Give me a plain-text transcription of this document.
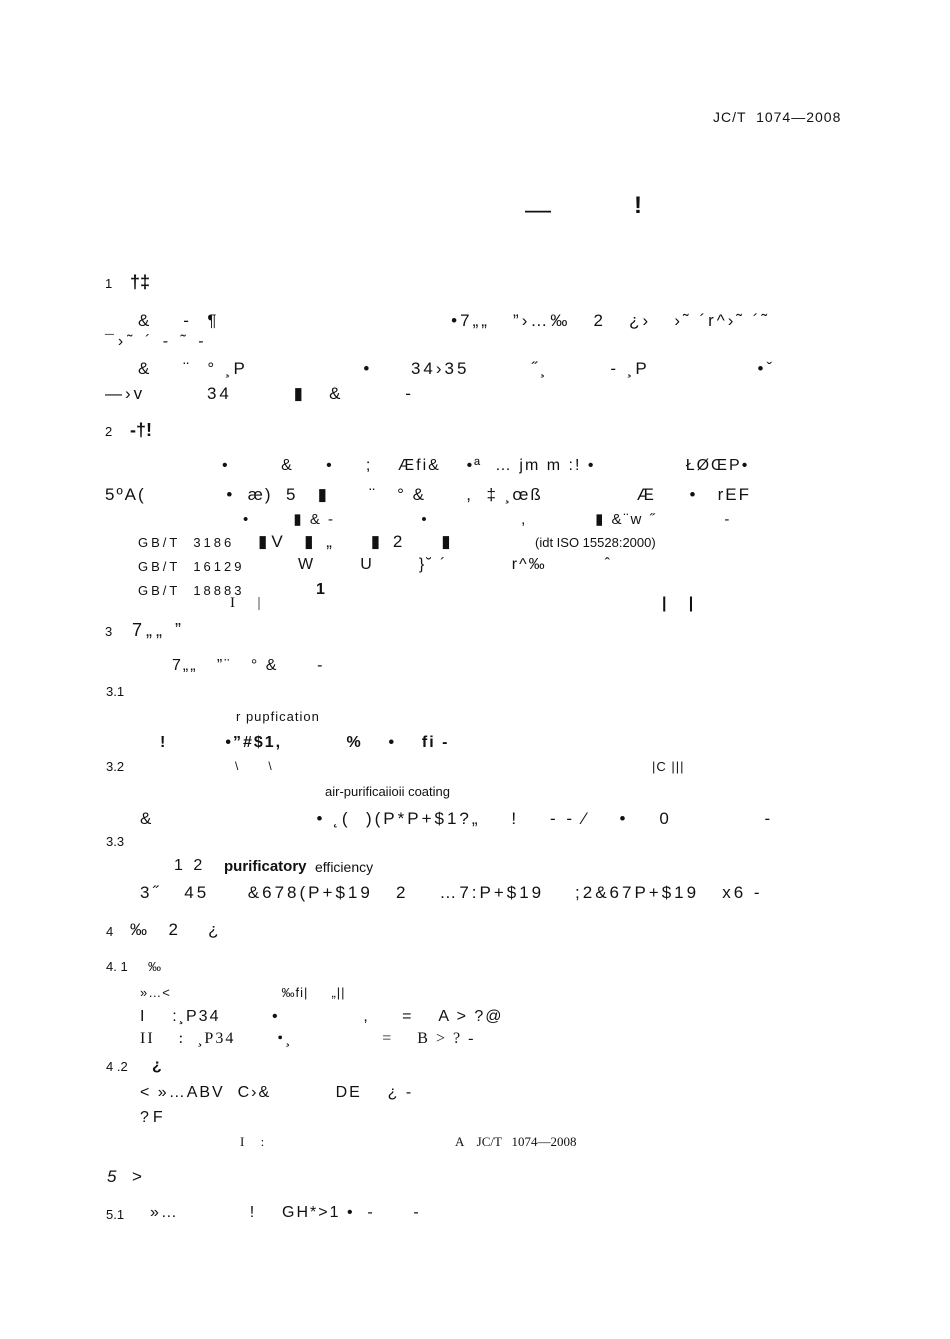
JC/T  1074—2008
—	!
1 †‡
&    -  ¶                              •7„„   ”›…‰   2   ¿›   ›˜ ´r^›˜ ´˜
¯›˜ ´ - ˜ -
&    ¨  ° ¸P               •     34›35        ˝¸        - ¸P              •ˇ
—›v        34        ▮   &        -
2 -†!
•        &     •     ;    Æfi&    •ª  … jm m :! •              ŁØŒP•
5ºA(            •  æ)  5   ▮      ¨   ° &      ,  ‡ ¸œß              Æ     •   rEF
•       ▮ & -              •               ,           ▮ &¨w ˝           -
GB/T  3186 ▮V  ▮ „    ▮ 2    ▮	(idt ISO 15528:2000)
GB/T  16129	W       U       }˘ ´          r^‰         ˆ
GB/T  18883	1
I      |	|     |
3 7„„ ”
7„„   ”¨   ° &      -
3.1
r pupfication
!         •”#$1,          %    •    fi -
3.2	\         \	|C |||
air-purificaiioii coating
&                     • ˛(  )(P*P+$1?„    !    - - ⁄    •    0            -
3.3
1 2 purificatory efficiency
3˝   45     &678(P+$19   2    …7:P+$19    ;2&67P+$19   x6 -
4 ‰  2   ¿
4. 1 ‰
»…<                        ‰fi|     „||
I    :¸P34        •             ,     =    A > ?@
II    :  ¸P34       •¸               =    B > ? -
4 .2 ¿
< »…ABV  C›&          DE    ¿ -
?F
I     :	A    JC/T   1074—2008
5 >
5.1 »…           !    GH*>1 •  -      -
